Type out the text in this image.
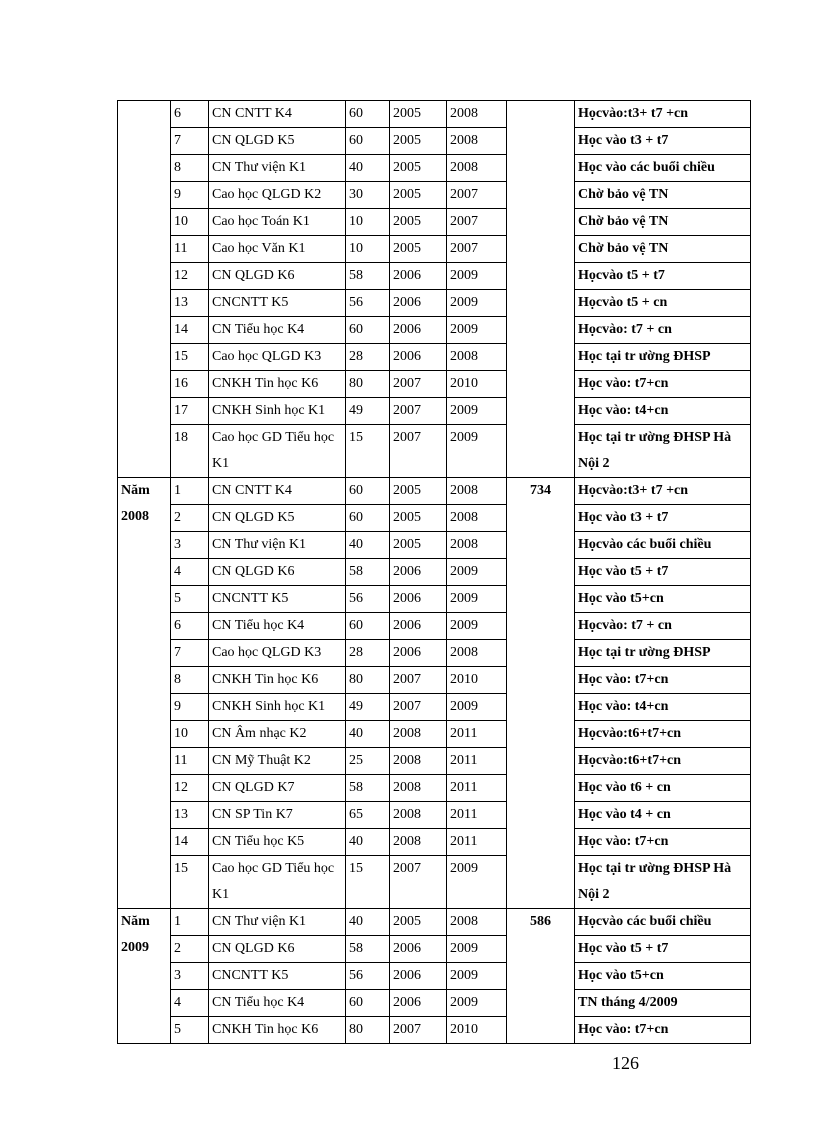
	6	CN CNTT K4	60	2005	2008		Họcvào:t3+ t7 +cn
	7	CN QLGD K5	60	2005	2008		Học vào t3 + t7
	8	CN Thư viện K1	40	2005	2008		Học vào các buổi chiều
	9	Cao học QLGD K2	30	2005	2007		Chờ bảo vệ TN
	10	Cao học Toán K1	10	2005	2007		Chờ bảo vệ TN
	11	Cao học Văn K1	10	2005	2007		Chờ bảo vệ TN
	12	CN QLGD K6	58	2006	2009		Họcvào t5 + t7
	13	CNCNTT K5	56	2006	2009		Họcvào t5 + cn
	14	CN Tiểu học K4	60	2006	2009		Họcvào: t7 + cn
	15	Cao học QLGD K3	28	2006	2008		Học tại tr ường ĐHSP
	16	CNKH Tin học K6	80	2007	2010		Học vào: t7+cn
	17	CNKH Sinh học K1	49	2007	2009		Học vào: t4+cn
	18	Cao học GD Tiểu học K1	15	2007	2009		Học tại tr ường ĐHSP Hà Nội 2
Năm 2008	1	CN CNTT K4	60	2005	2008	734	Họcvào:t3+ t7 +cn
	2	CN QLGD K5	60	2005	2008		Học vào t3 + t7
	3	CN Thư viện K1	40	2005	2008		Họcvào các buổi chiều
	4	CN QLGD K6	58	2006	2009		Học vào t5 + t7
	5	CNCNTT K5	56	2006	2009		Học vào t5+cn
	6	CN Tiểu học K4	60	2006	2009		Họcvào: t7 + cn
	7	Cao học QLGD K3	28	2006	2008		Học tại tr ường ĐHSP
	8	CNKH Tin học K6	80	2007	2010		Học vào: t7+cn
	9	CNKH Sinh học K1	49	2007	2009		Học vào: t4+cn
	10	CN Âm nhạc K2	40	2008	2011		Họcvào:t6+t7+cn
	11	CN Mỹ Thuật K2	25	2008	2011		Họcvào:t6+t7+cn
	12	CN QLGD K7	58	2008	2011		Học vào t6 + cn
	13	CN SP Tin K7	65	2008	2011		Học vào t4 + cn
	14	CN Tiểu học K5	40	2008	2011		Học vào: t7+cn
	15	Cao học GD Tiểu học K1	15	2007	2009		Học tại tr ường ĐHSP Hà Nội 2
Năm 2009	1	CN Thư viện K1	40	2005	2008	586	Họcvào các buổi chiều
	2	CN QLGD K6	58	2006	2009		Học vào t5 + t7
	3	CNCNTT K5	56	2006	2009		Học vào t5+cn
	4	CN Tiểu học K4	60	2006	2009		TN tháng 4/2009
	5	CNKH Tin học K6	80	2007	2010		Học vào: t7+cn
126
